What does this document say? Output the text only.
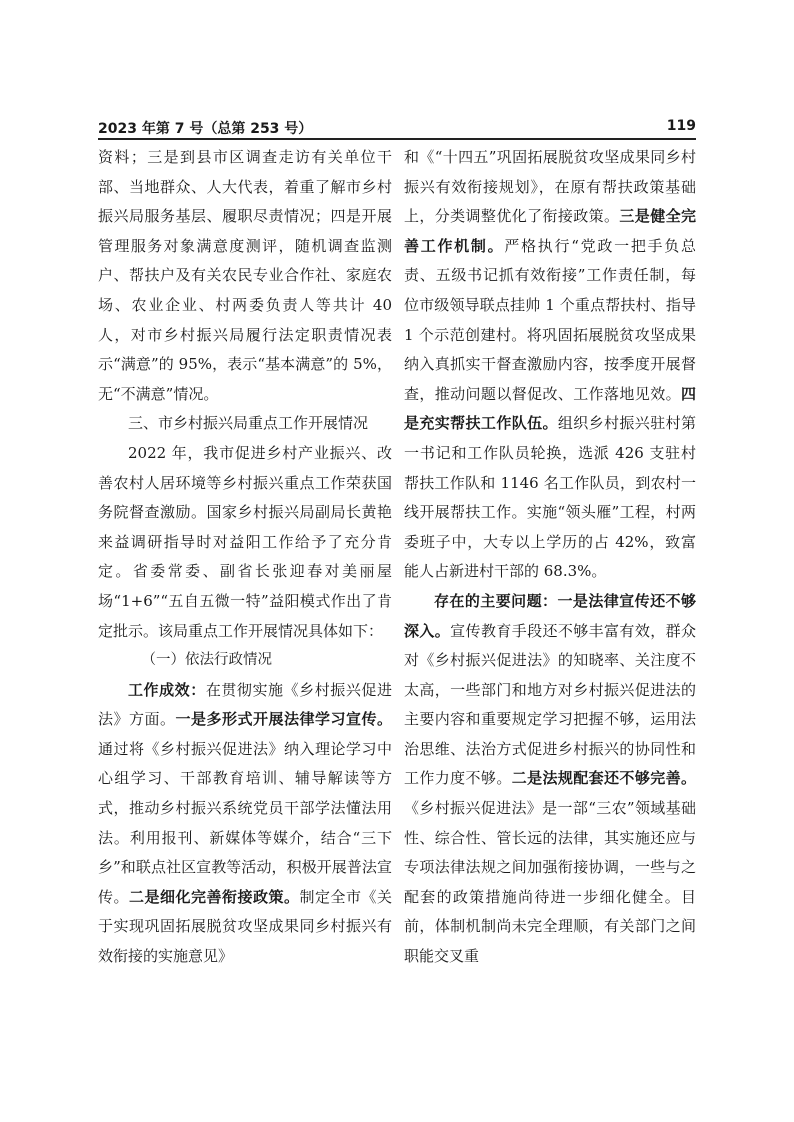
2023 年第 7 号（总第 253 号）	119

资料；三是到县市区调查走访有关单位干部、当地群众、人大代表，着重了解市乡村振兴局服务基层、履职尽责情况；四是开展管理服务对象满意度测评，随机调查监测户、帮扶户及有关农民专业合作社、家庭农场、农业企业、村两委负责人等共计 40 人，对市乡村振兴局履行法定职责情况表示“满意”的 95%，表示“基本满意”的 5%，无“不满意”情况。

三、市乡村振兴局重点工作开展情况

2022 年，我市促进乡村产业振兴、改善农村人居环境等乡村振兴重点工作荣获国务院督查激励。国家乡村振兴局副局长黄艳来益调研指导时对益阳工作给予了充分肯定。省委常委、副省长张迎春对美丽屋场“1+6”“五自五微一特”益阳模式作出了肯定批示。该局重点工作开展情况具体如下：

（一）依法行政情况

工作成效：在贯彻实施《乡村振兴促进法》方面。一是多形式开展法律学习宣传。通过将《乡村振兴促进法》纳入理论学习中心组学习、干部教育培训、辅导解读等方式，推动乡村振兴系统党员干部学法懂法用法。利用报刊、新媒体等媒介，结合“三下乡”和联点社区宣教等活动，积极开展普法宣传。二是细化完善衔接政策。制定全市《关于实现巩固拓展脱贫攻坚成果同乡村振兴有效衔接的实施意见》

和《“十四五”巩固拓展脱贫攻坚成果同乡村振兴有效衔接规划》，在原有帮扶政策基础上，分类调整优化了衔接政策。三是健全完善工作机制。严格执行“党政一把手负总责、五级书记抓有效衔接”工作责任制，每位市级领导联点挂帅 1 个重点帮扶村、指导 1 个示范创建村。将巩固拓展脱贫攻坚成果纳入真抓实干督查激励内容，按季度开展督查，推动问题以督促改、工作落地见效。四是充实帮扶工作队伍。组织乡村振兴驻村第一书记和工作队员轮换，选派 426 支驻村帮扶工作队和 1146 名工作队员，到农村一线开展帮扶工作。实施“领头雁”工程，村两委班子中，大专以上学历的占 42%，致富能人占新进村干部的 68.3%。

存在的主要问题：一是法律宣传还不够深入。宣传教育手段还不够丰富有效，群众对《乡村振兴促进法》的知晓率、关注度不太高，一些部门和地方对乡村振兴促进法的主要内容和重要规定学习把握不够，运用法治思维、法治方式促进乡村振兴的协同性和工作力度不够。二是法规配套还不够完善。《乡村振兴促进法》是一部“三农”领域基础性、综合性、管长远的法律，其实施还应与专项法律法规之间加强衔接协调，一些与之配套的政策措施尚待进一步细化健全。目前，体制机制尚未完全理顺，有关部门之间职能交叉重
